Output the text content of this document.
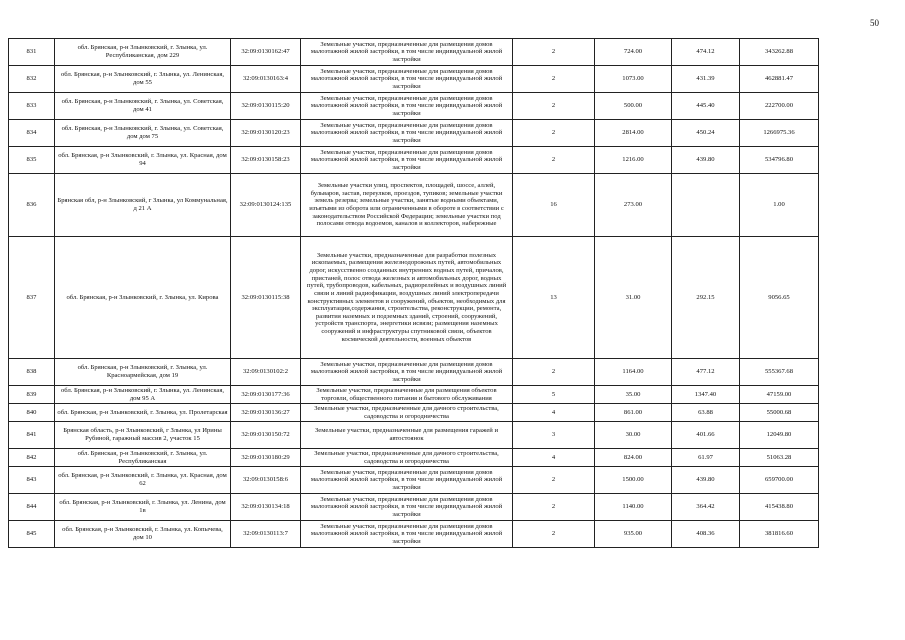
50
831	обл. Брянская, р-н Злынковский, г. Злынка, ул. Республиканская, дом 229	32:09:0130162:47	Земельные участки, предназначенные для размещения домов малоэтажной жилой застройки, в том числе индивидуальной жилой застройки	2	724.00	474.12	343262.88	
832	обл. Брянская, р-н Злынковский, г. Злынка, ул. Ленинская, дом 55	32:09:0130163:4	Земельные участки, предназначенные для размещения домов малоэтажной жилой застройки, в том числе индивидуальной жилой застройки	2	1073.00	431.39	462881.47	
833	обл. Брянская, р-н Злынковский, г. Злынка, ул. Советская, дом 41	32:09:0130115:20	Земельные участки, предназначенные для размещения домов малоэтажной жилой застройки, в том числе индивидуальной жилой застройки	2	500.00	445.40	222700.00	
834	обл. Брянская, р-н Злынковский, г. Злынка, ул. Советская, дом дом 75	32:09:0130120:23	Земельные участки, предназначенные для размещения домов малоэтажной жилой застройки, в том числе индивидуальной жилой застройки	2	2814.00	450.24	1266975.36	
835	обл. Брянская, р-н Злынковский, г. Злынка, ул. Красная, дом 94	32:09:0130158:23	Земельные участки, предназначенные для размещения домов малоэтажной жилой застройки, в том числе индивидуальной жилой застройки	2	1216.00	439.80	534796.80	
836	Брянская обл, р-н Злынковский, г Злынка, ул Коммунальная, д 21 А	32:09:0130124:135	Земельные участки улиц, проспектов, площадей, шоссе, аллей, бульваров, застав, переулков, проездов, тупиков; земельные участки земель резерва; земельные участки, занятые водными объектами, изъятыми из оборота или ограниченными в обороте в соответствии с законодательством Российской Федерации; земельные участки под полосами отвода водоемов, каналов и коллекторов, набережные	16	273.00		1.00	
837	обл. Брянская, р-н Злынковский, г. Злынка, ул. Кирова	32:09:0130115:38	Земельные участки, предназначенные для разработки полезных ископаемых, размещения железнодорожных путей, автомобильных дорог, искусственно созданных внутренних водных путей, причалов, пристаней, полос отвода железных и автомобильных дорог, водных путей, трубопроводов, кабельных, радиорелейных и воздушных линий связи и линий радиофикации, воздушных линий электропередачи конструктивных элементов и сооружений, объектов, необходимых для эксплуатации,содержания, строительства, реконструкции, ремонта, развития наземных и подземных зданий, строений, сооружений, устройств транспорта, энергетики исвязи; размещения наземных сооружений и инфраструктуры спутниковой связи, объектов космической деятельности, военных объектов	13	31.00	292.15	9056.65	
838	обл. Брянская, р-н Злынковский, г. Злынка, ул. Красноармейская, дом 19	32:09:0130102:2	Земельные участки, предназначенные для размещения домов малоэтажной жилой застройки, в том числе индивидуальной жилой застройки	2	1164.00	477.12	555367.68	
839	обл. Брянская, р-н Злынковский, г. Злынка, ул. Ленинская, дом 95 А	32:09:0130177:36	Земельные участки, предназначенные для размещения объектов торговли, общественного питания и бытового обслуживания	5	35.00	1347.40	47159.00	
840	обл. Брянская, р-н Злынковский, г. Злынка, ул. Пролетарская	32:09:0130136:27	Земельные участки, предназначенные для дачного строительства, садоводства и огородничества	4	861.00	63.88	55000.68	
841	Брянская область, р-н Злынковский, г Злынка, ул Ирины Рубиной, гаражный массив 2, участок 15	32:09:0130150:72	Земельные участки, предназначенные для размещения гаражей и автостоянок	3	30.00	401.66	12049.80	
842	обл. Брянская, р-н Злынковский, г. Злынка, ул. Республиканская	32:09:0130180:29	Земельные участки, предназначенные для дачного строительства, садоводства и огородничества	4	824.00	61.97	51063.28	
843	обл. Брянская, р-н Злынковский, г. Злынка, ул. Красная, дом 62	32:09:0130158:6	Земельные участки, предназначенные для размещения домов малоэтажной жилой застройки, в том числе индивидуальной жилой застройки	2	1500.00	439.80	659700.00	
844	обл. Брянская, р-н Злынковский, г. Злынка, ул. Ленина, дом 1в	32:09:0130134:18	Земельные участки, предназначенные для размещения домов малоэтажной жилой застройки, в том числе индивидуальной жилой застройки	2	1140.00	364.42	415438.80	
845	обл. Брянская, р-н Злынковский, г. Злынка, ул. Копычева, дом 10	32:09:0130113:7	Земельные участки, предназначенные для размещения домов малоэтажной жилой застройки, в том числе индивидуальной жилой застройки	2	935.00	408.36	381816.60	
